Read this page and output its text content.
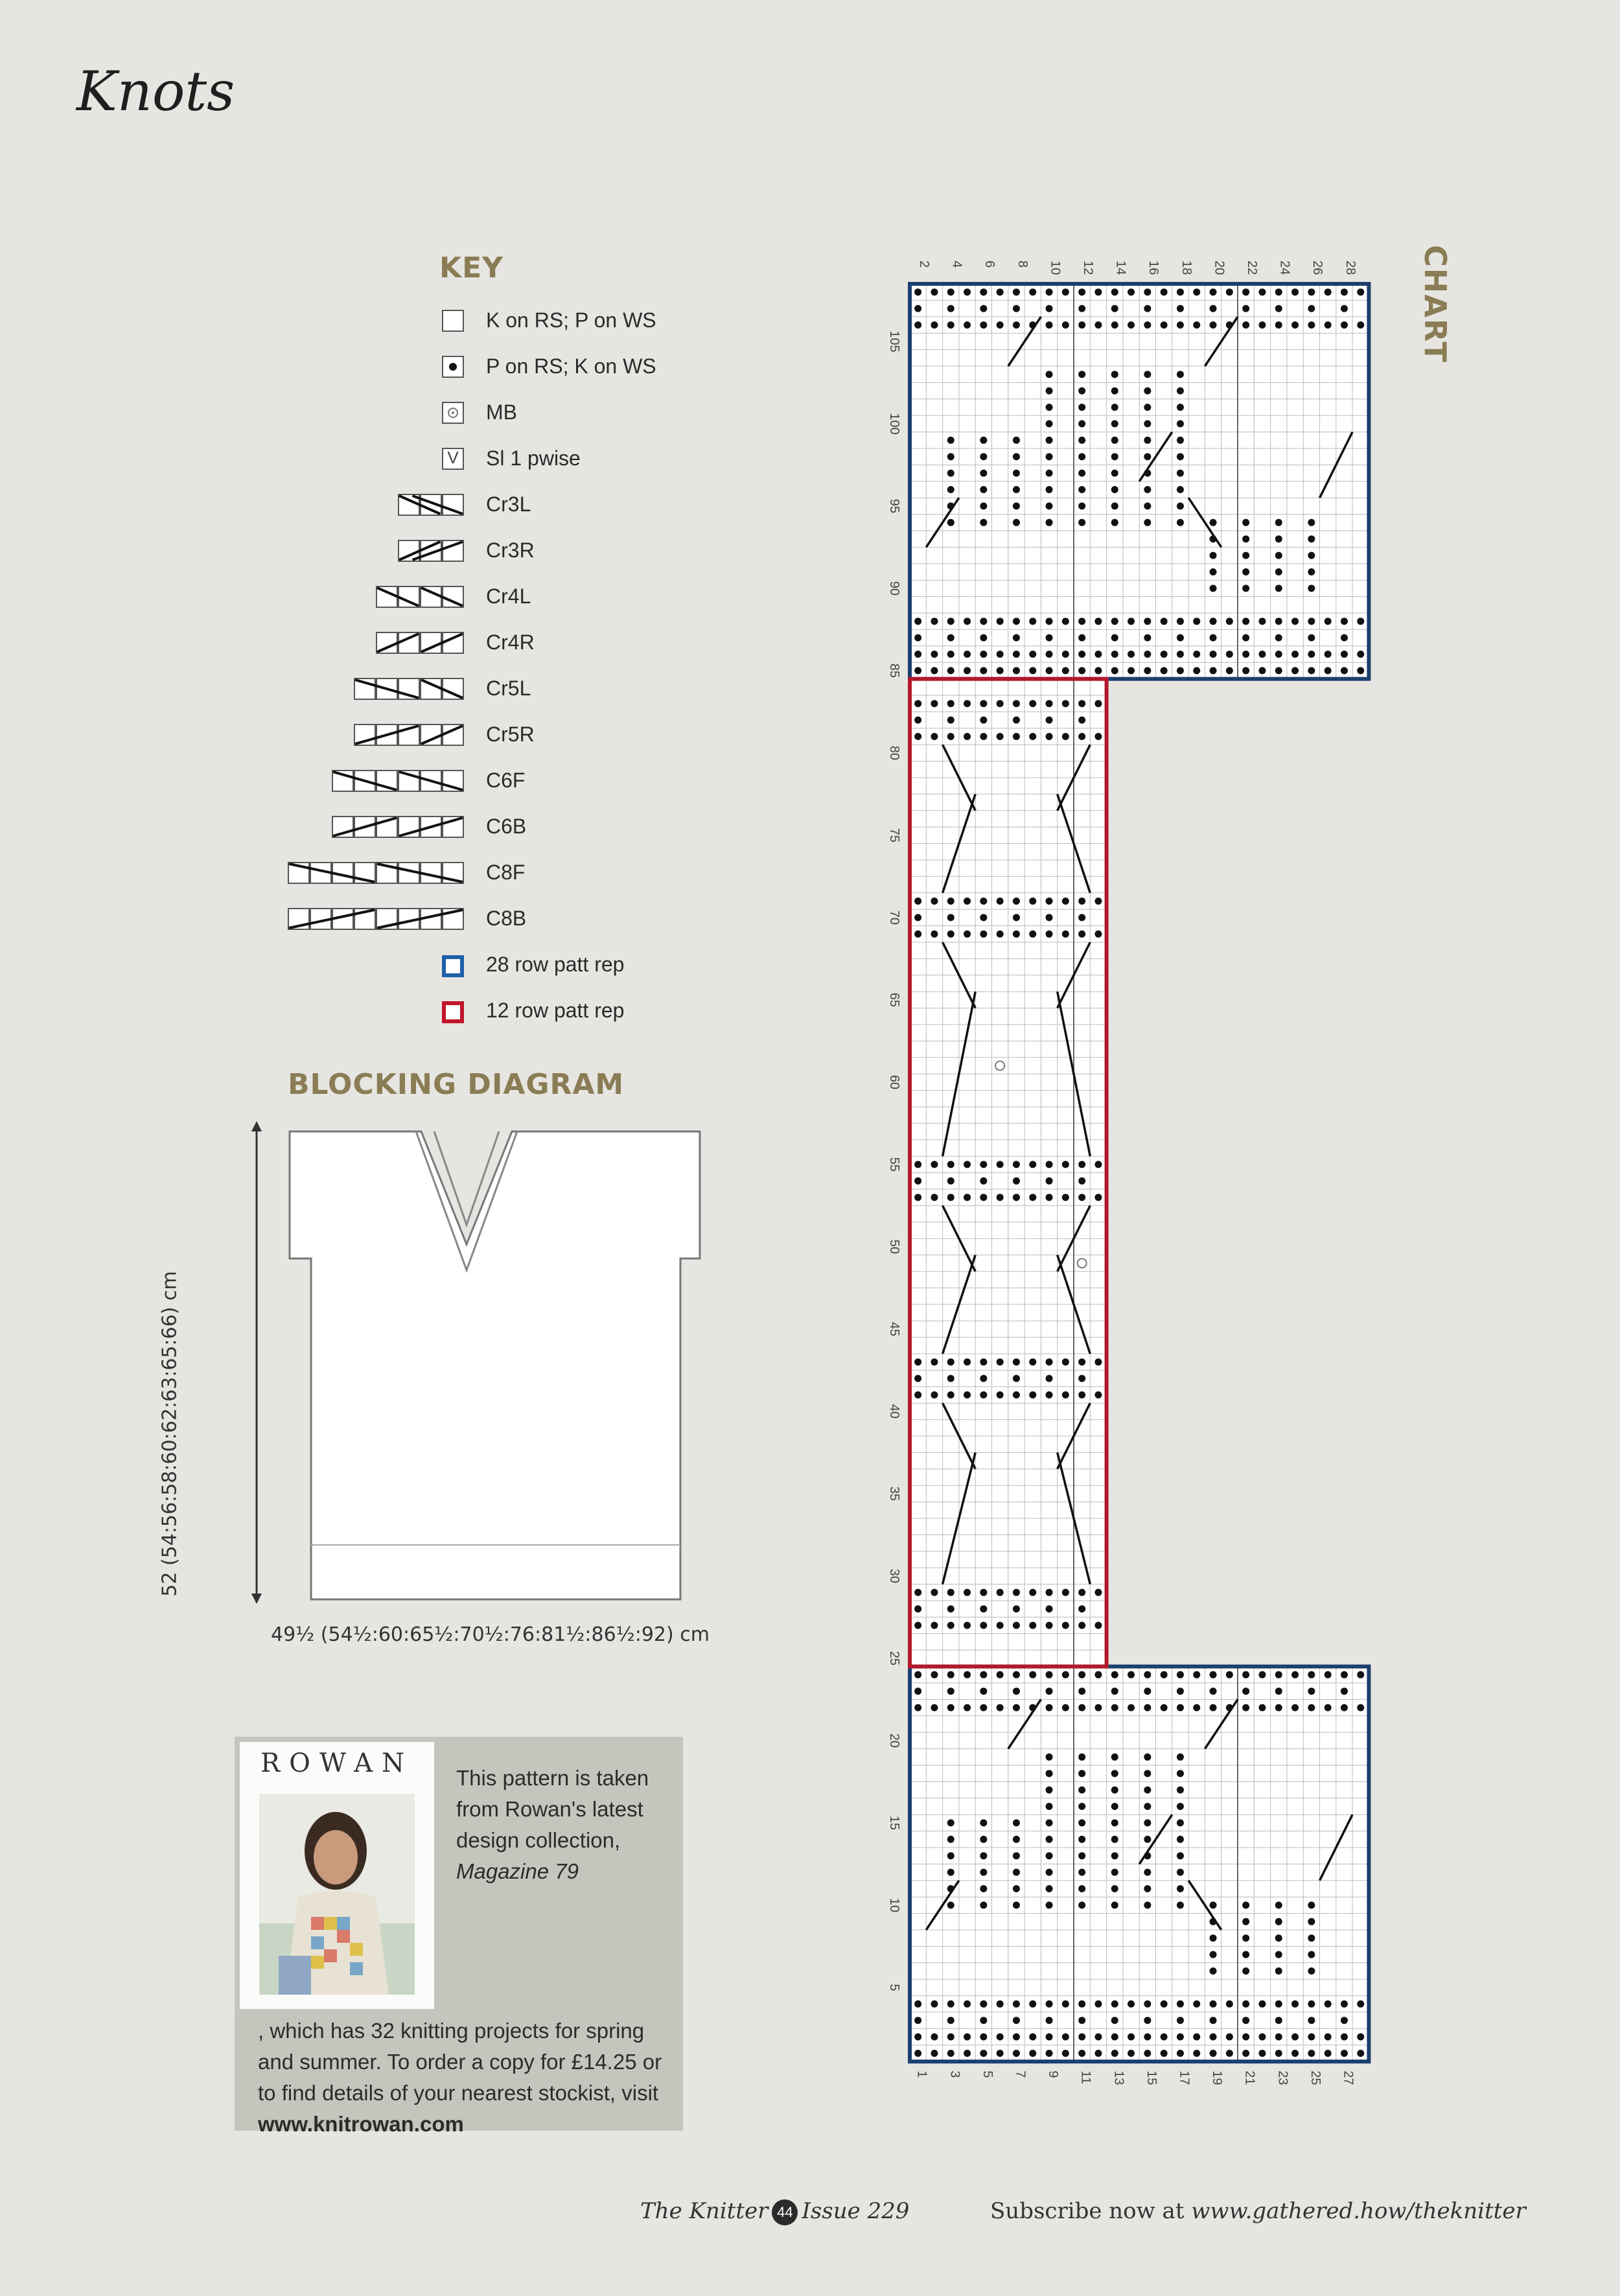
Knots
KEY
K on RS; P on WS
P on RS; K on WS
MB
V Sl 1 pwise
Cr3L
Cr3R
Cr4L
Cr4R
Cr5L
Cr5R
C6F
C6B
C8F
C8B
28 row patt rep
12 row patt rep
BLOCKING DIAGRAM
52 (54:56:58:60:62:63:65:66) cm
49½ (54½:60:65½:70½:76:81½:86½:92) cm
ROWAN	This pattern is taken from Rowan's latest design collection, Magazine 79
, which has 32 knitting projects for spring and summer. To order a copy for £14.25 or to find details of your nearest stockist, visit www.knitrowan.com
CHART
2 4 6 8 10 12 14 16 18 20 22 24 26 28
1 3 5 7 9 11 13 15 17 19 21 23 25 27
5
10
15
20
25
30
35
40
45
50
55
60
65
70
75
80
85
90
95
100
105
The Knitter 44 Issue 229	Subscribe now at www.gathered.how/theknitter
